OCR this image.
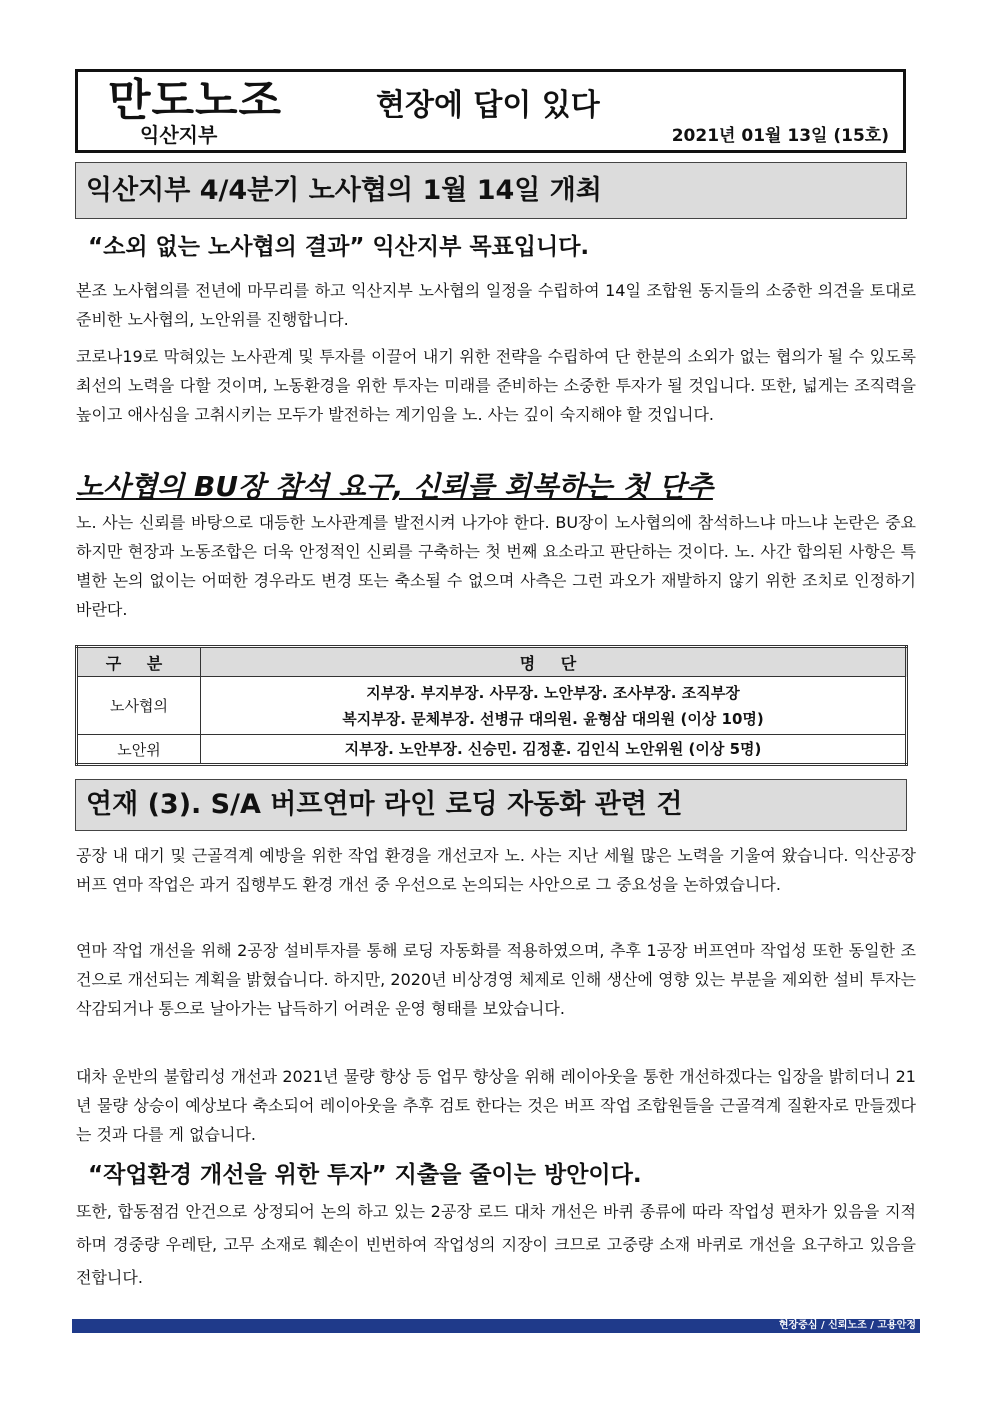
만도노조
익산지부
현장에 답이 있다
2021년 01월 13일 (15호)
익산지부 4/4분기 노사협의 1월 14일 개최
“소외 없는 노사협의 결과” 익산지부 목표입니다.

본조 노사협의를 전년에 마무리를 하고 익산지부 노사협의 일정을 수립하여 14일 조합원 동지들의 소중한 의견을 토대로 준비한 노사협의, 노안위를 진행합니다.

코로나19로 막혀있는 노사관계 및 투자를 이끌어 내기 위한 전략을 수립하여 단 한분의 소외가 없는 협의가 될 수 있도록 최선의 노력을 다할 것이며, 노동환경을 위한 투자는 미래를 준비하는 소중한 투자가 될 것입니다. 또한, 넓게는 조직력을 높이고 애사심을 고취시키는 모두가 발전하는 계기임을 노. 사는 깊이 숙지해야 할 것입니다.

노사협의 BU장 참석 요구, 신뢰를 회복하는 첫 단추

노. 사는 신뢰를 바탕으로 대등한 노사관계를 발전시켜 나가야 한다. BU장이 노사협의에 참석하느냐 마느냐 논란은 중요하지만 현장과 노동조합은 더욱 안정적인 신뢰를 구축하는 첫 번째 요소라고 판단하는 것이다. 노. 사간 합의된 사항은 특별한 논의 없이는 어떠한 경우라도 변경 또는 축소될 수 없으며 사측은 그런 과오가 재발하지 않기 위한 조치로 인정하기 바란다.

구 분	명 단
노사협의	지부장. 부지부장. 사무장. 노안부장. 조사부장. 조직부장
복지부장. 문체부장. 선병규 대의원. 윤형삼 대의원 (이상 10명)

노안위	지부장. 노안부장. 신승민. 김정훈. 김인식 노안위원 (이상 5명)
연재 (3). S/A 버프연마 라인 로딩 자동화 관련 건

공장 내 대기 및 근골격계 예방을 위한 작업 환경을 개선코자 노. 사는 지난 세월 많은 노력을 기울여 왔습니다. 익산공장 버프 연마 작업은 과거 집행부도 환경 개선 중 우선으로 논의되는 사안으로 그 중요성을 논하였습니다.

연마 작업 개선을 위해 2공장 설비투자를 통해 로딩 자동화를 적용하였으며, 추후 1공장 버프연마 작업성 또한 동일한 조건으로 개선되는 계획을 밝혔습니다. 하지만, 2020년 비상경영 체제로 인해 생산에 영향 있는 부분을 제외한 설비 투자는 삭감되거나 통으로 날아가는 납득하기 어려운 운영 형태를 보았습니다.

대차 운반의 불합리성 개선과 2021년 물량 향상 등 업무 향상을 위해 레이아웃을 통한 개선하겠다는 입장을 밝히더니 21년 물량 상승이 예상보다 축소되어 레이아웃을 추후 검토 한다는 것은 버프 작업 조합원들을 근골격계 질환자로 만들겠다는 것과 다를 게 없습니다.

“작업환경 개선을 위한 투자” 지출을 줄이는 방안이다.

또한, 합동점검 안건으로 상정되어 논의 하고 있는 2공장 로드 대차 개선은 바퀴 종류에 따라 작업성 편차가 있음을 지적하며 경중량 우레탄, 고무 소재로 훼손이 빈번하여 작업성의 지장이 크므로 고중량 소재 바퀴로 개선을 요구하고 있음을 전합니다.

현장중심 / 신뢰노조 / 고용안정
